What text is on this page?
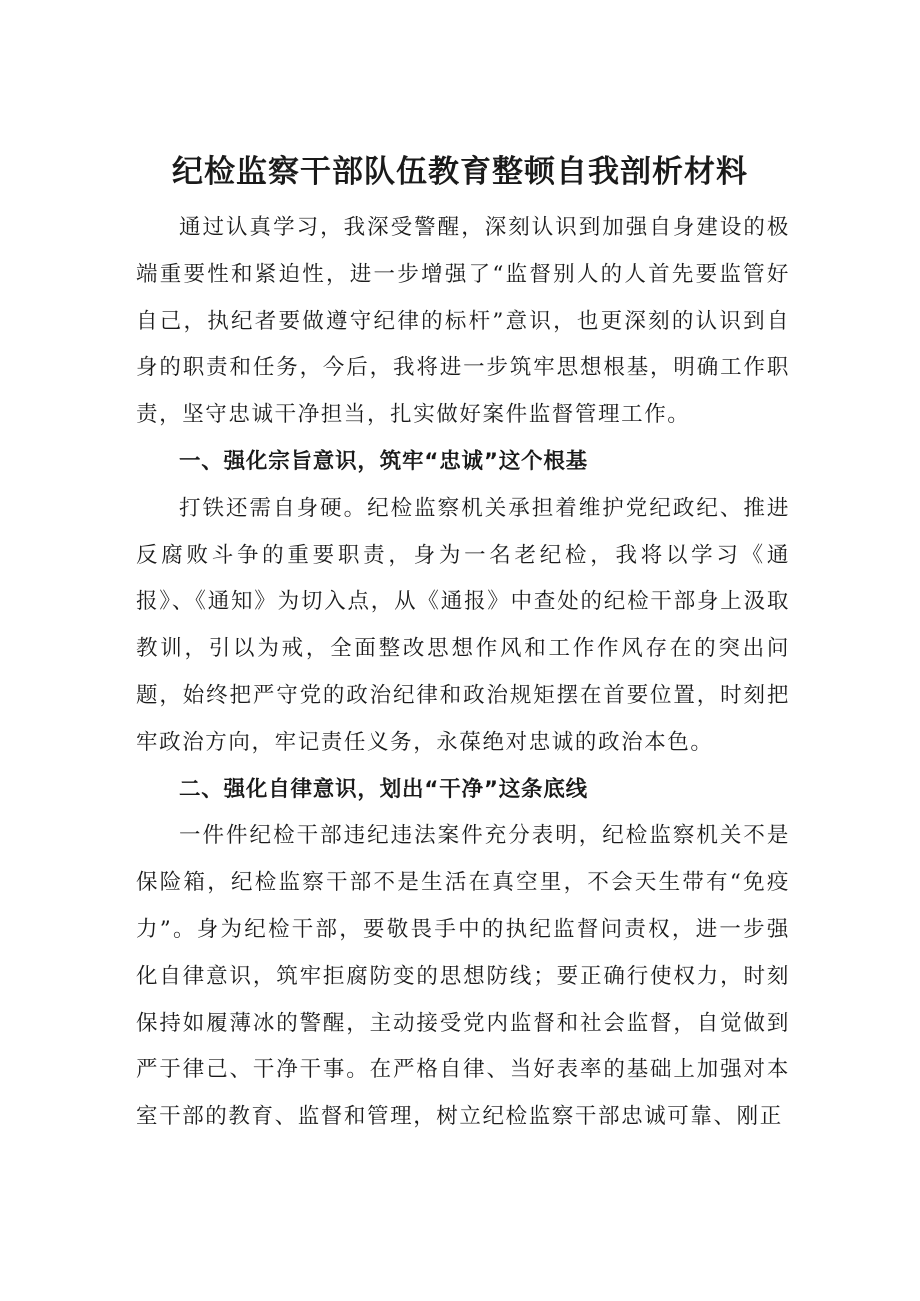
纪检监察干部队伍教育整顿自我剖析材料

通过认真学习，我深受警醒，深刻认识到加强自身建设的极端重要性和紧迫性，进一步增强了“监督别人的人首先要监管好自己，执纪者要做遵守纪律的标杆”意识，也更深刻的认识到自身的职责和任务，今后，我将进一步筑牢思想根基，明确工作职责，坚守忠诚干净担当，扎实做好案件监督管理工作。

一、强化宗旨意识，筑牢“忠诚”这个根基

打铁还需自身硬。纪检监察机关承担着维护党纪政纪、推进反腐败斗争的重要职责，身为一名老纪检，我将以学习《通报》、《通知》为切入点，从《通报》中查处的纪检干部身上汲取教训，引以为戒，全面整改思想作风和工作作风存在的突出问题，始终把严守党的政治纪律和政治规矩摆在首要位置，时刻把牢政治方向，牢记责任义务，永葆绝对忠诚的政治本色。

二、强化自律意识，划出“干净”这条底线

一件件纪检干部违纪违法案件充分表明，纪检监察机关不是保险箱，纪检监察干部不是生活在真空里，不会天生带有“免疫力”。身为纪检干部，要敬畏手中的执纪监督问责权，进一步强化自律意识，筑牢拒腐防变的思想防线；要正确行使权力，时刻保持如履薄冰的警醒，主动接受党内监督和社会监督，自觉做到严于律己、干净干事。在严格自律、当好表率的基础上加强对本室干部的教育、监督和管理，树立纪检监察干部忠诚可靠、刚正
